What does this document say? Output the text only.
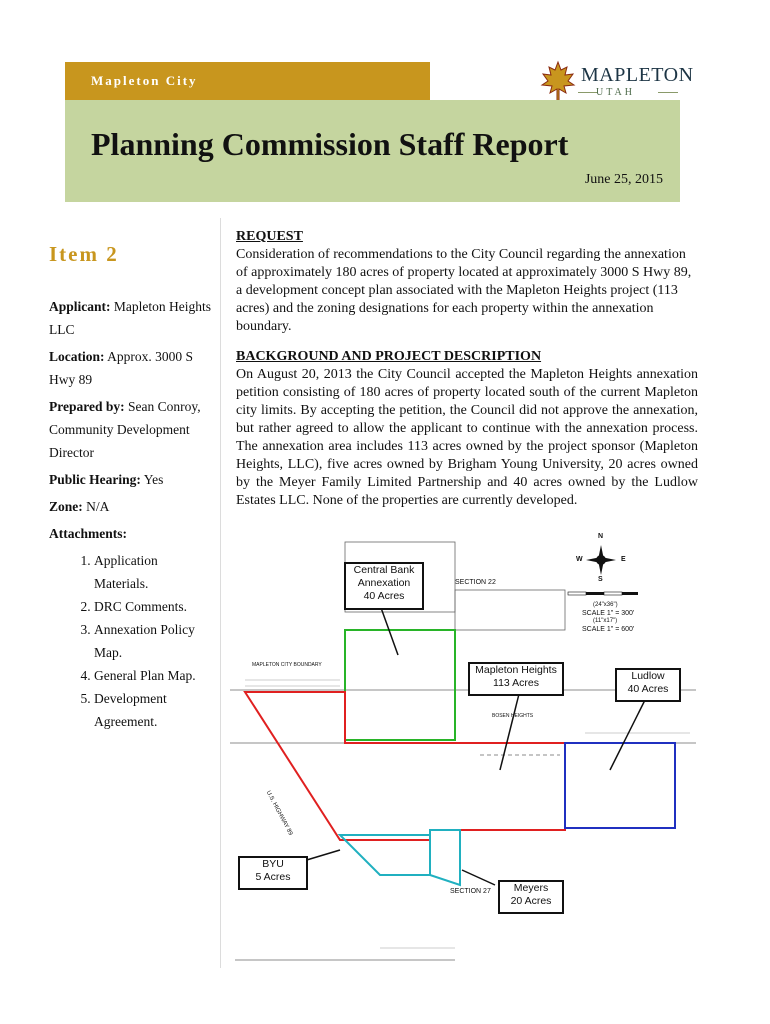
Mapleton City	MAPLETON
UTAH
Planning Commission Staff Report
June 25, 2015
Item 2

Applicant: Mapleton Heights LLC

Location: Approx. 3000 S Hwy 89

Prepared by: Sean Conroy, Community Development Director

Public Hearing: Yes

Zone: N/A

Attachments:

1. Application Materials.
2. DRC Comments.
3. Annexation Policy Map.
4. General Plan Map.
5. Development Agreement.
REQUEST

Consideration of recommendations to the City Council regarding the annexation of approximately 180 acres of property located at approximately 3000 S Hwy 89, a development concept plan associated with the Mapleton Heights project (113 acres) and the zoning designations for each property within the annexation boundary.

BACKGROUND AND PROJECT DESCRIPTION

On August 20, 2013 the City Council accepted the Mapleton Heights annexation petition consisting of 180 acres of property located south of the current Mapleton city limits. By accepting the petition, the Council did not approve the annexation, but rather agreed to allow the applicant to continue with the annexation process. The annexation area includes 113 acres owned by the project sponsor (Mapleton Heights, LLC), five acres owned by Brigham Young University, 20 acres owned by the Meyer Family Limited Partnership and 40 acres owned by the Ludlow Estates LLC. None of the properties are currently developed.

N
S
W	E
(24"x36")
SCALE 1" = 300'
(11"x17")
SCALE 1" = 600'
SECTION 22
SECTION 27
MAPLETON CITY BOUNDARY
BOSEN HEIGHTS
U.S. HIGHWAY 89
Central Bank
Annexation
40 Acres
Mapleton Heights
113 Acres
Ludlow
40 Acres
BYU
5 Acres
Meyers
20 Acres
